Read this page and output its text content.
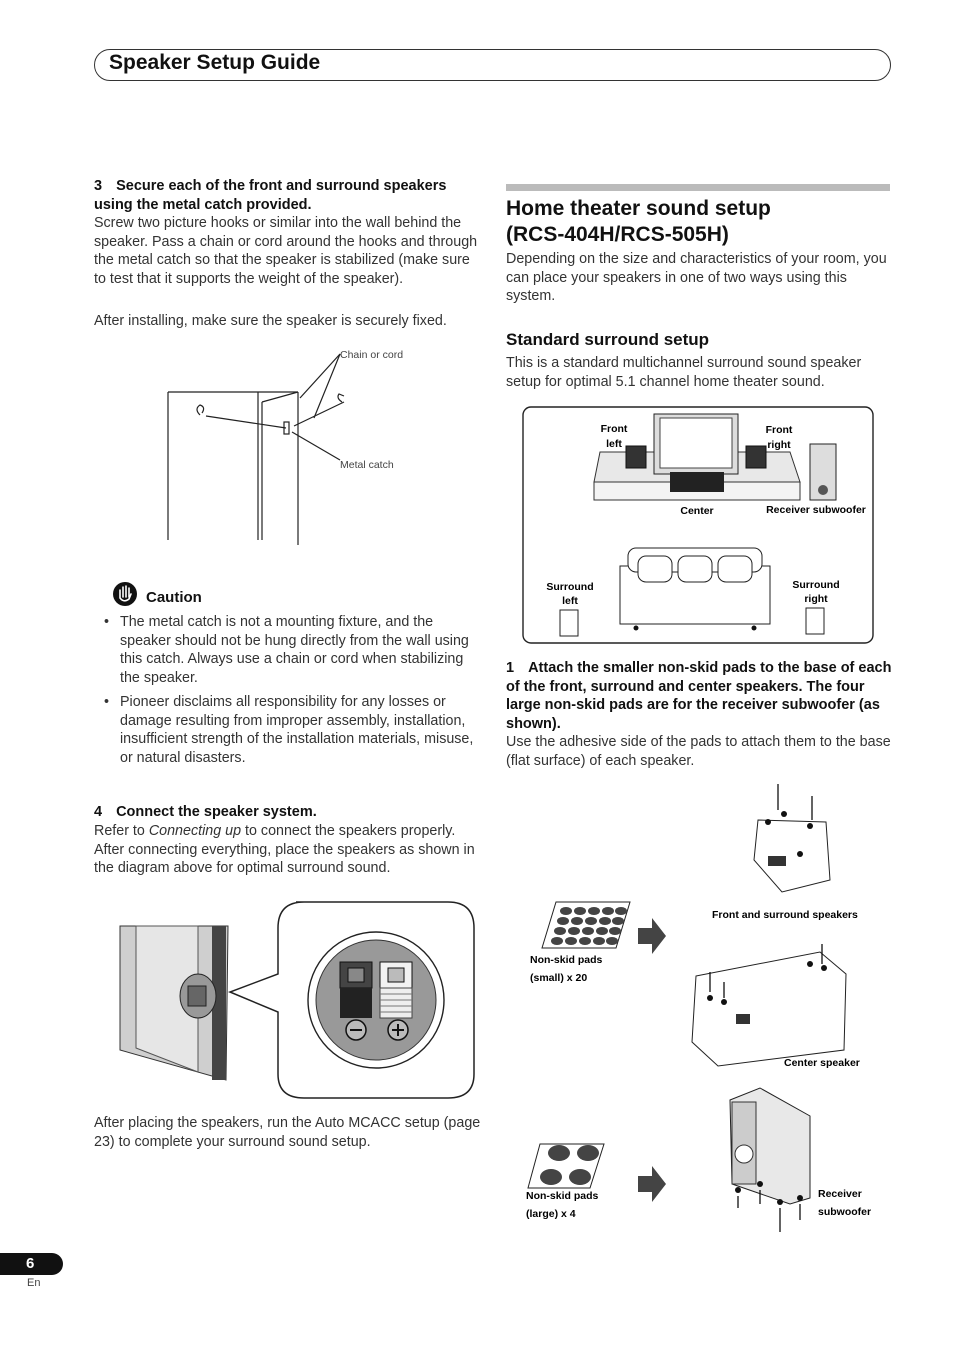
Speaker Setup Guide
3 Secure each of the front and surround speakers
using the metal catch provided.
Screw two picture hooks or similar into the wall behind the speaker. Pass a chain or cord around the hooks and through the metal catch so that the speaker is stabilized (make sure to test that it supports the weight of the speaker).
After installing, make sure the speaker is securely fixed.
Chain or cord
Metal catch
Caution
• The metal catch is not a mounting fixture, and the speaker should not be hung directly from the wall using this catch. Always use a chain or cord when stabilizing the speaker.
• Pioneer disclaims all responsibility for any losses or damage resulting from improper assembly, installation, insufficient strength of the installation materials, misuse, or natural disasters.
4 Connect the speaker system.
Refer to Connecting up to connect the speakers properly. After connecting everything, place the speakers as shown in the diagram above for optimal surround sound.
After placing the speakers, run the Auto MCACC setup (page 23) to complete your surround sound setup.
Home theater sound setup
(RCS-404H/RCS-505H)
Depending on the size and characteristics of your room, you can place your speakers in one of two ways using this system.
Standard surround setup
This is a standard multichannel surround sound speaker setup for optimal 5.1 channel home theater sound.
Front
left
Front
right
Center	Receiver subwoofer
Surround
left
Surround
right
1 Attach the smaller non-skid pads to the base of each of the front, surround and center speakers. The four large non-skid pads are for the receiver subwoofer (as shown).
Use the adhesive side of the pads to attach them to the base (flat surface) of each speaker.
Non-skid pads
(small) x 20
Front and surround speakers
Center speaker
Non-skid pads
(large) x 4
Receiver
subwoofer
6
En
